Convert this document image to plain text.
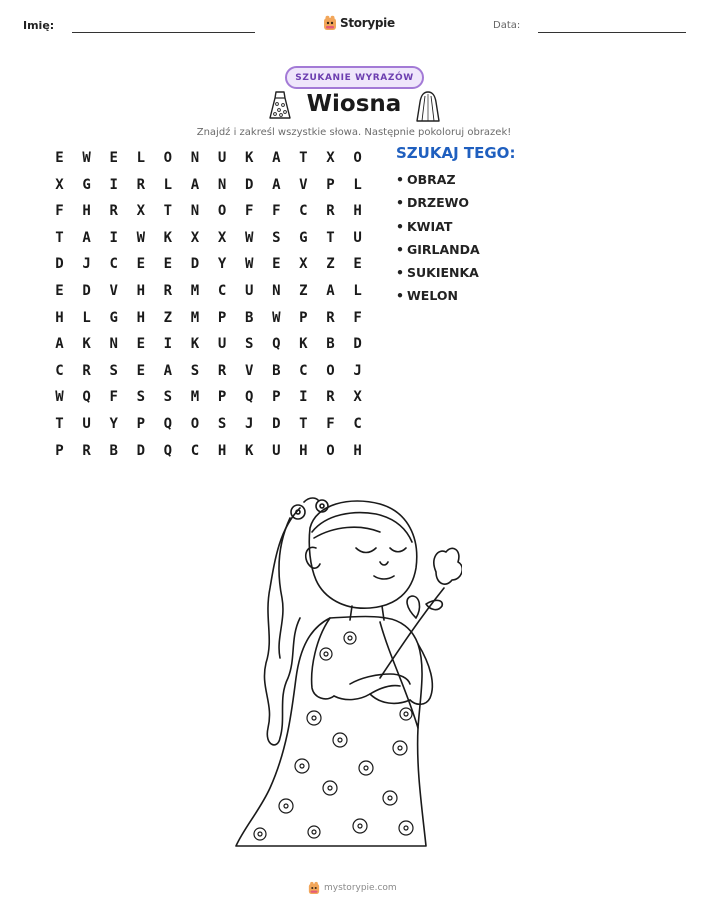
Imię:	Storypie	Data:
SZUKANIE WYRAZÓW
Wiosna
Znajdź i zakreśl wszystkie słowa. Następnie pokoloruj obrazek!
E	W	E	L	O	N	U	K	A	T	X	O
X	G	I	R	L	A	N	D	A	V	P	L
F	H	R	X	T	N	O	F	F	C	R	H
T	A	I	W	K	X	X	W	S	G	T	U
D	J	C	E	E	D	Y	W	E	X	Z	E
E	D	V	H	R	M	C	U	N	Z	A	L
H	L	G	H	Z	M	P	B	W	P	R	F
A	K	N	E	I	K	U	S	Q	K	B	D
C	R	S	E	A	S	R	V	B	C	O	J
W	Q	F	S	S	M	P	Q	P	I	R	X
T	U	Y	P	Q	O	S	J	D	T	F	C
P	R	B	D	Q	C	H	K	U	H	O	H
SZUKAJ TEGO:
• OBRAZ
• DRZEWO
• KWIAT
• GIRLANDA
• SUKIENKA
• WELON
mystorypie.com
